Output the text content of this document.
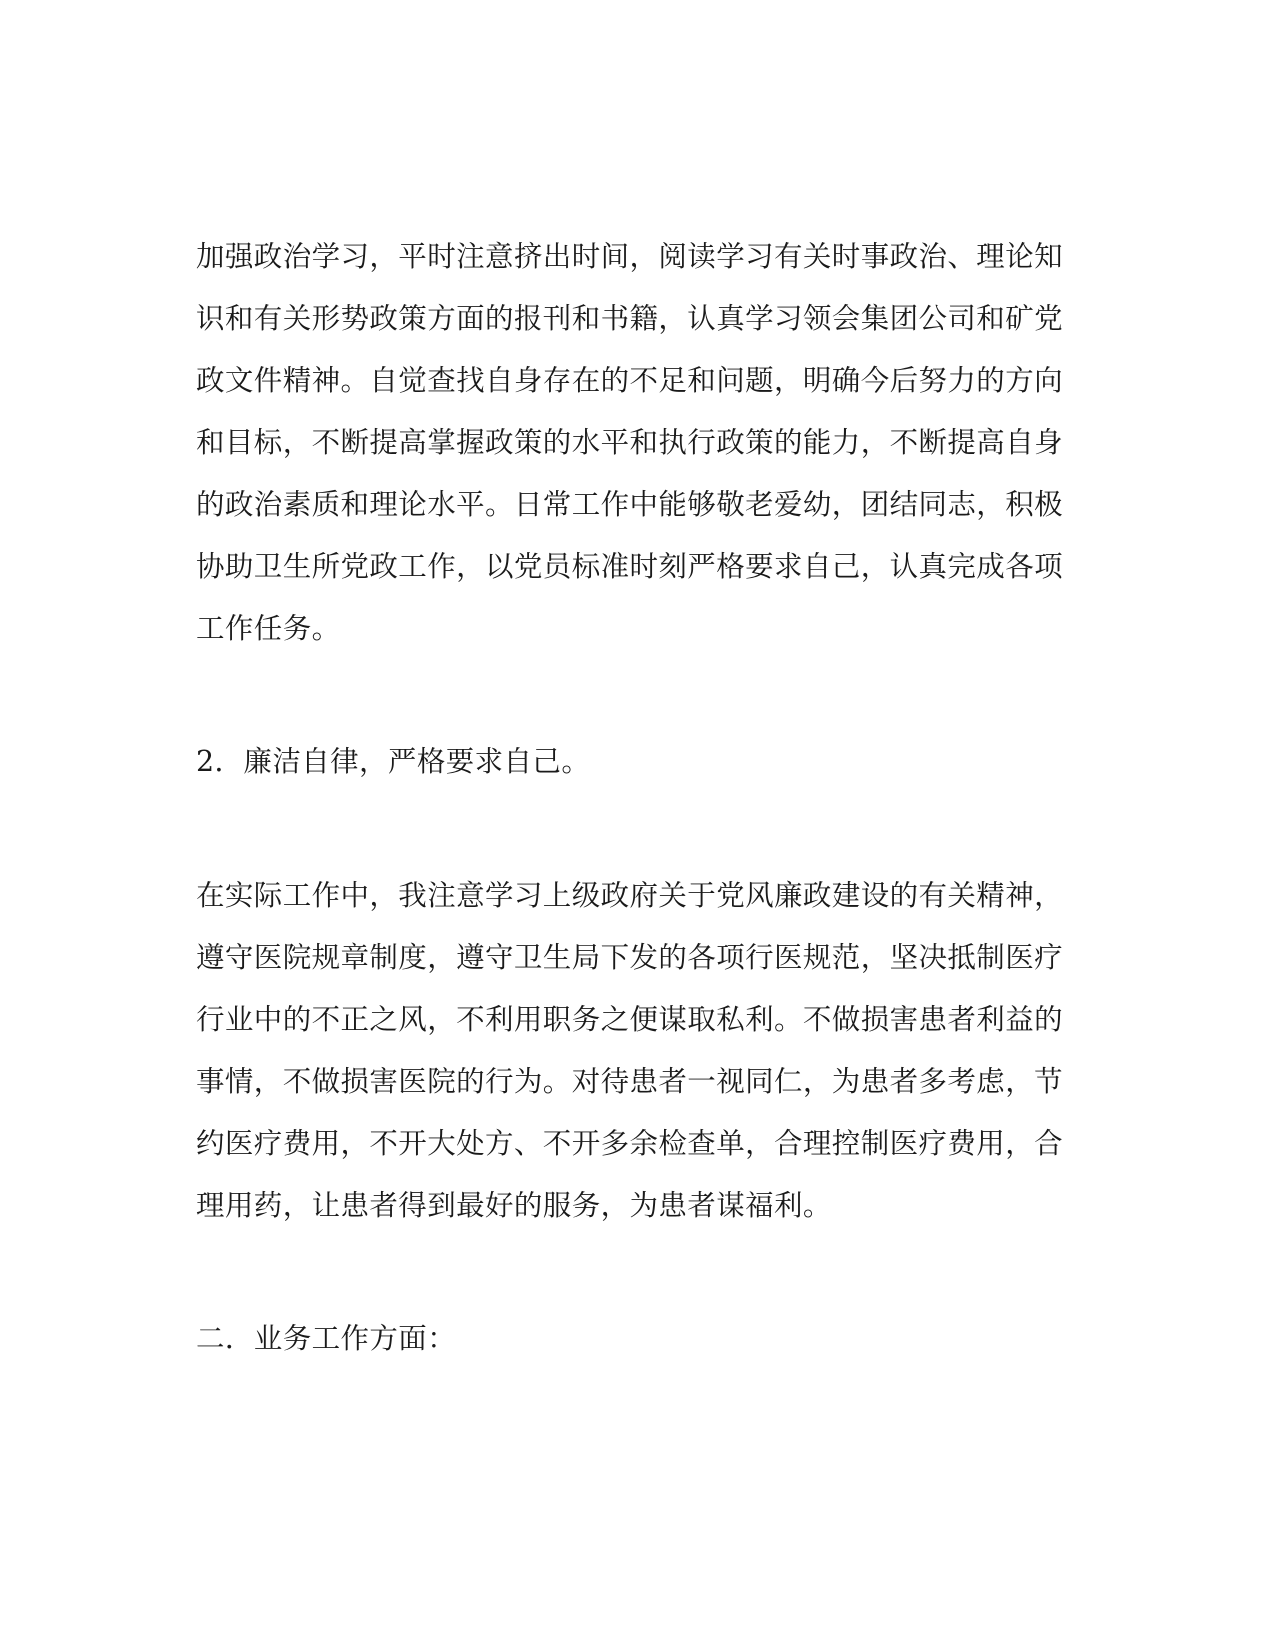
加强政治学习，平时注意挤出时间，阅读学习有关时事政治、理论知
识和有关形势政策方面的报刊和书籍，认真学习领会集团公司和矿党
政文件精神。自觉查找自身存在的不足和问题，明确今后努力的方向
和目标，不断提高掌握政策的水平和执行政策的能力，不断提高自身
的政治素质和理论水平。日常工作中能够敬老爱幼，团结同志，积极
协助卫生所党政工作，以党员标准时刻严格要求自己，认真完成各项
工作任务。
2．廉洁自律，严格要求自己。
在实际工作中，我注意学习上级政府关于党风廉政建设的有关精神，
遵守医院规章制度，遵守卫生局下发的各项行医规范，坚决抵制医疗
行业中的不正之风，不利用职务之便谋取私利。不做损害患者利益的
事情，不做损害医院的行为。对待患者一视同仁，为患者多考虑，节
约医疗费用，不开大处方、不开多余检查单，合理控制医疗费用，合
理用药，让患者得到最好的服务，为患者谋福利。
二．业务工作方面：
